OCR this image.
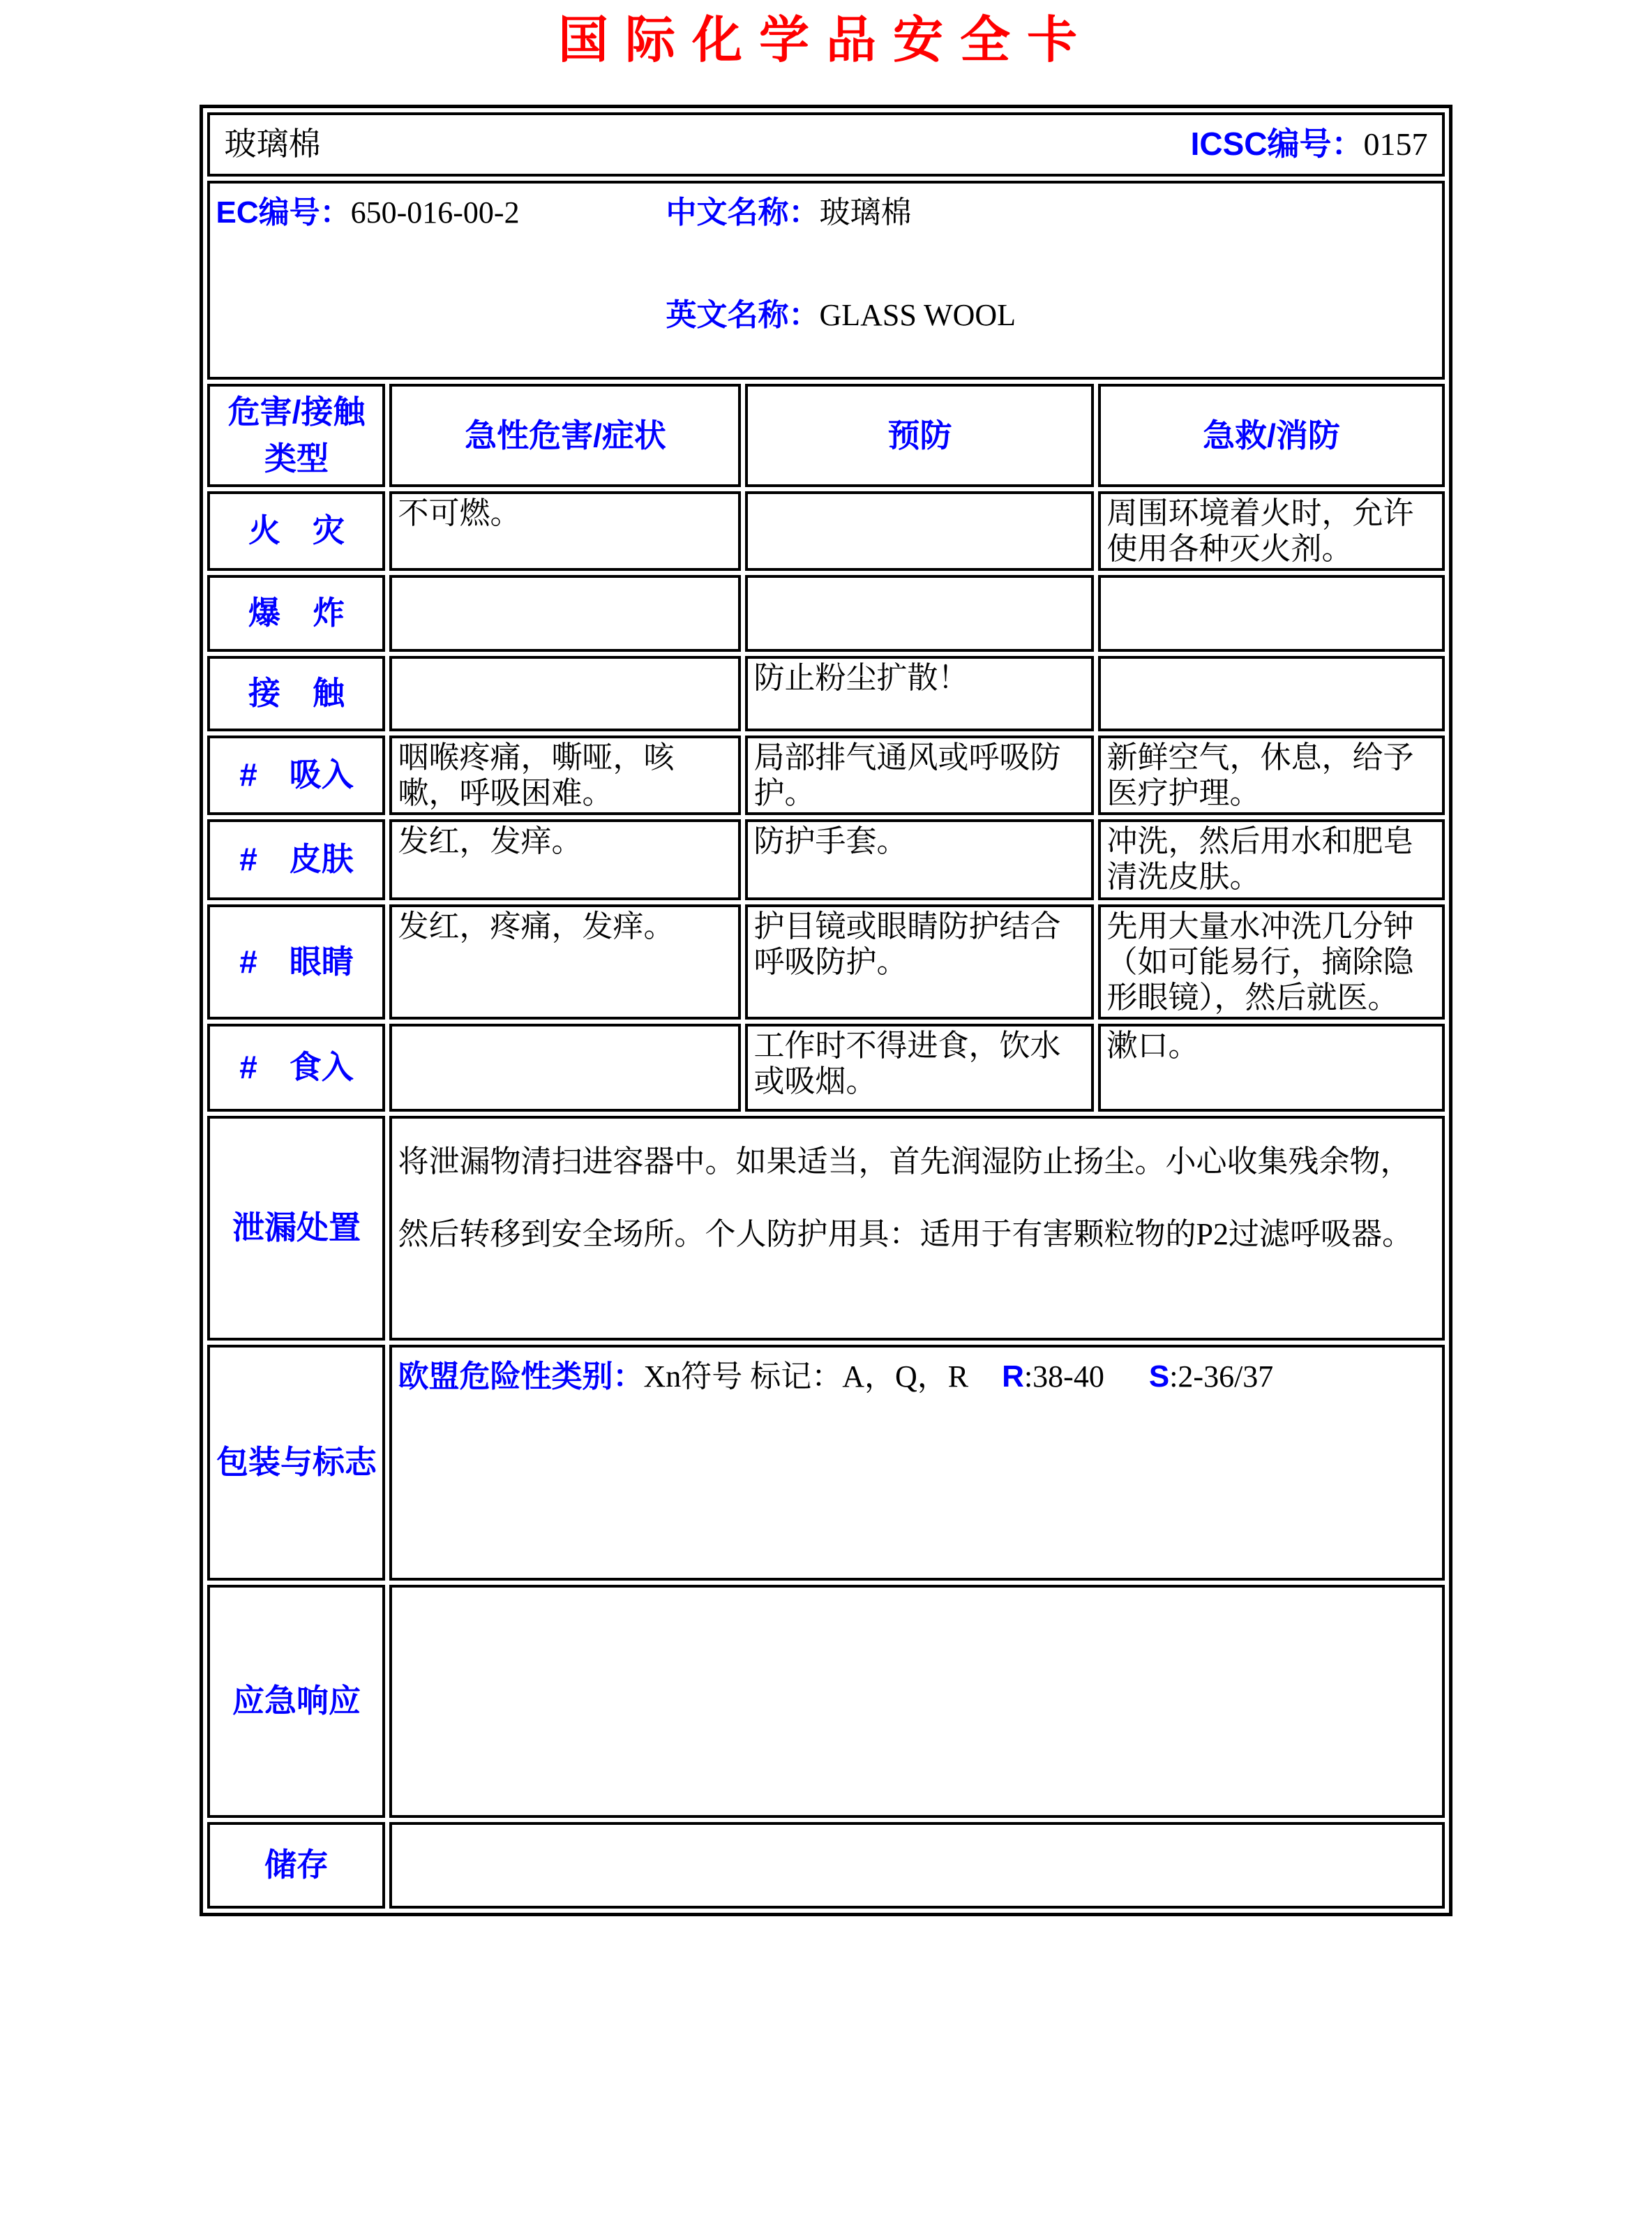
国际化学品安全卡
玻璃棉 ICSC编号：0157			

EC编号：650-016-00-2 中文名称：玻璃棉
英文名称：GLASS WOOL			

危害/接触
类型	急性危害/症状	预防	急救/消防
火　灾	不可燃。		周围环境着火时，允许使用各种灭火剂。
爆　炸			
接　触		防止粉尘扩散！	
#　吸入	咽喉疼痛，嘶哑，咳嗽，呼吸困难。	局部排气通风或呼吸防护。	新鲜空气，休息，给予医疗护理。
#　皮肤	发红，发痒。	防护手套。	冲洗，然后用水和肥皂清洗皮肤。
#　眼睛	发红，疼痛，发痒。	护目镜或眼睛防护结合呼吸防护。	先用大量水冲洗几分钟（如可能易行，摘除隐形眼镜），然后就医。
#　食入		工作时不得进食，饮水或吸烟。	漱口。
泄漏处置	将泄漏物清扫进容器中。如果适当，首先润湿防止扬尘。小心收集残余物，然后转移到安全场所。个人防护用具：适用于有害颗粒物的P2过滤呼吸器。		

包装与标志	欧盟危险性类别：Xn符号 标记：A，Q，R R:38-40 S:2-36/37		

应急响应			
储存			
